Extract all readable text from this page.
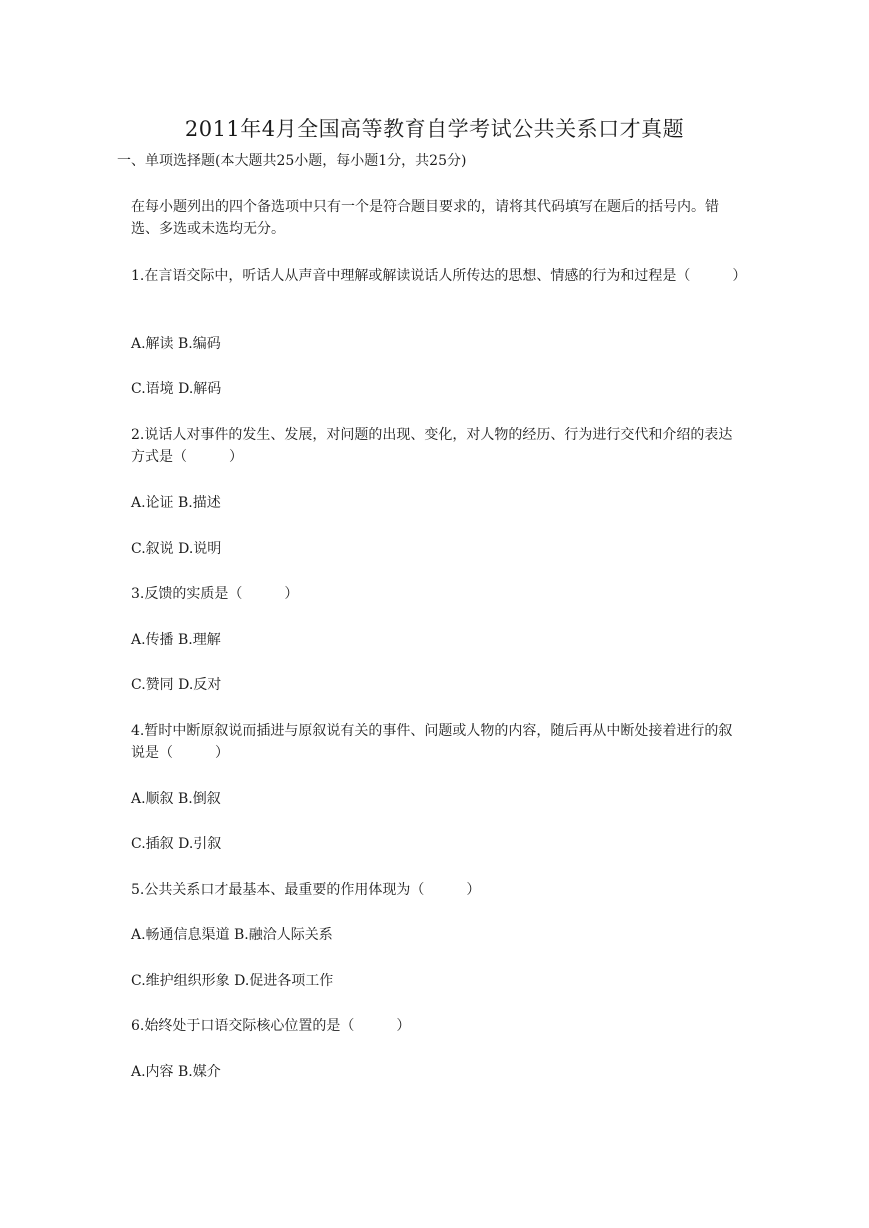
2011年4月全国高等教育自学考试公共关系口才真题
一、单项选择题(本大题共25小题，每小题1分，共25分)
在每小题列出的四个备选项中只有一个是符合题目要求的，请将其代码填写在题后的括号内。错选、多选或未选均无分。
1.在言语交际中，听话人从声音中理解或解读说话人所传达的思想、情感的行为和过程是（　　　）
A.解读 B.编码
C.语境 D.解码
2.说话人对事件的发生、发展，对问题的出现、变化，对人物的经历、行为进行交代和介绍的表达方式是（　　　）
A.论证 B.描述
C.叙说 D.说明
3.反馈的实质是（　　　）
A.传播 B.理解
C.赞同 D.反对
4.暂时中断原叙说而插进与原叙说有关的事件、问题或人物的内容，随后再从中断处接着进行的叙说是（　　　）
A.顺叙 B.倒叙
C.插叙 D.引叙
5.公共关系口才最基本、最重要的作用体现为（　　　）
A.畅通信息渠道 B.融洽人际关系
C.维护组织形象 D.促进各项工作
6.始终处于口语交际核心位置的是（　　　）
A.内容 B.媒介
